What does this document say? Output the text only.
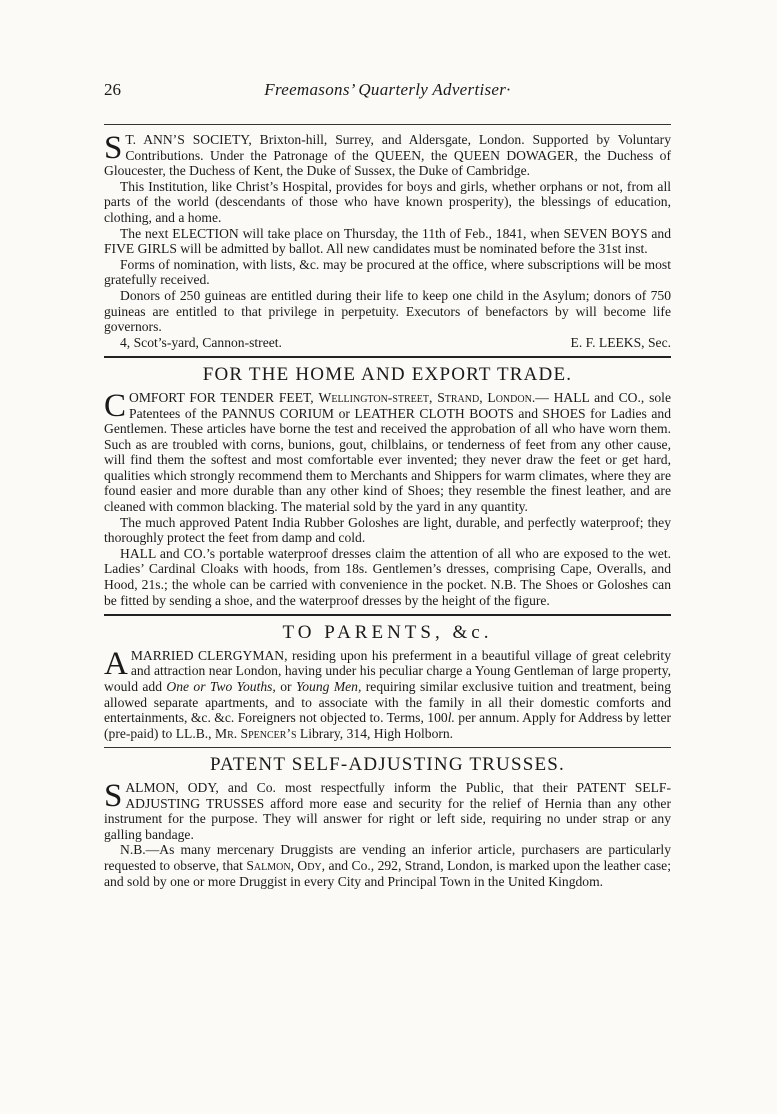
26	Freemasons’ Quarterly Advertiser·

S T. ANN’S SOCIETY, Brixton-hill, Surrey, and Aldersgate, London. Supported by Voluntary Contributions. Under the Patronage of the QUEEN, the QUEEN DOWAGER, the Duchess of Gloucester, the Duchess of Kent, the Duke of Sussex, the Duke of Cambridge.

This Institution, like Christ’s Hospital, provides for boys and girls, whether orphans or not, from all parts of the world (descendants of those who have known prosperity), the blessings of education, clothing, and a home.

The next ELECTION will take place on Thursday, the 11th of Feb., 1841, when SEVEN BOYS and FIVE GIRLS will be admitted by ballot. All new candidates must be nominated before the 31st inst.

Forms of nomination, with lists, &c. may be procured at the office, where subscriptions will be most gratefully received.

Donors of 250 guineas are entitled during their life to keep one child in the Asylum; donors of 750 guineas are entitled to that privilege in perpetuity. Executors of benefactors by will become life governors.

4, Scot’s-yard, Cannon-street.	E. F. LEEKS, Sec.
FOR THE HOME AND EXPORT TRADE.

COMFORT FOR TENDER FEET, Wellington-street, Strand, London.— HALL and CO., sole Patentees of the PANNUS CORIUM or LEATHER CLOTH BOOTS and SHOES for Ladies and Gentlemen. These articles have borne the test and received the approbation of all who have worn them. Such as are troubled with corns, bunions, gout, chilblains, or tenderness of feet from any other cause, will find them the softest and most comfortable ever invented; they never draw the feet or get hard, qualities which strongly recommend them to Merchants and Shippers for warm climates, where they are found easier and more durable than any other kind of Shoes; they resemble the finest leather, and are cleaned with common blacking. The material sold by the yard in any quantity.

The much approved Patent India Rubber Goloshes are light, durable, and perfectly waterproof; they thoroughly protect the feet from damp and cold.

HALL and CO.’s portable waterproof dresses claim the attention of all who are exposed to the wet. Ladies’ Cardinal Cloaks with hoods, from 18s. Gentlemen’s dresses, comprising Cape, Overalls, and Hood, 21s.; the whole can be carried with convenience in the pocket. N.B. The Shoes or Goloshes can be fitted by sending a shoe, and the waterproof dresses by the height of the figure.

TO PARENTS, &c.

A MARRIED CLERGYMAN, residing upon his preferment in a beautiful village of great celebrity and attraction near London, having under his peculiar charge a Young Gentleman of large property, would add One or Two Youths, or Young Men, requiring similar exclusive tuition and treatment, being allowed separate apartments, and to associate with the family in all their domestic comforts and entertainments, &c. &c. Foreigners not objected to. Terms, 100l. per annum. Apply for Address by letter (pre-paid) to LL.B., Mr. Spencer’s Library, 314, High Holborn.

PATENT SELF-ADJUSTING TRUSSES.

SALMON, ODY, and Co. most respectfully inform the Public, that their PATENT SELF-ADJUSTING TRUSSES afford more ease and security for the relief of Hernia than any other instrument for the purpose. They will answer for right or left side, requiring no under strap or any galling bandage.

N.B.—As many mercenary Druggists are vending an inferior article, purchasers are particularly requested to observe, that Salmon, Ody, and Co., 292, Strand, London, is marked upon the leather case; and sold by one or more Druggist in every City and Principal Town in the United Kingdom.
